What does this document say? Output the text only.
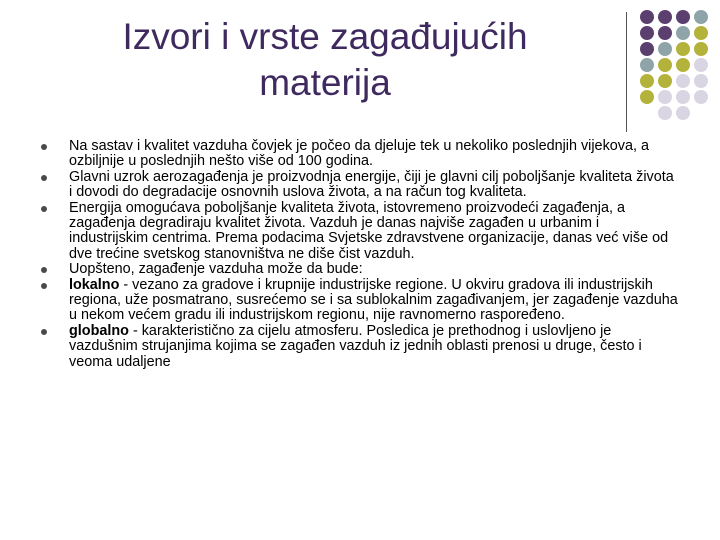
Izvori i vrste zagađujućih materija
Na sastav i kvalitet vazduha čovjek je počeo da djeluje tek u nekoliko poslednjih vijekova, a ozbiljnije u poslednjih nešto više od 100 godina.
Glavni uzrok aerozagađenja je proizvodnja energije, čiji je glavni cilj poboljšanje kvaliteta života i dovodi do degradacije osnovnih uslova života, a na račun tog kvaliteta.
Energija omogućava poboljšanje kvaliteta života, istovremeno proizvodeći zagađenja, a zagađenja degradiraju kvalitet života. Vazduh je danas najviše zagađen u urbanim i industrijskim centrima. Prema podacima Svjetske zdravstvene organizacije, danas već više od dve trećine svetskog stanovništva ne diše čist vazduh.
Uopšteno, zagađenje vazduha može da bude:
lokalno - vezano za gradove i krupnije industrijske regione. U okviru gradova ili industrijskih regiona, uže posmatrano, susrećemo se i sa sublokalnim zagađivanjem, jer zagađenje vazduha u nekom većem gradu ili industrijskom regionu, nije ravnomerno raspoređeno.
globalno - karakteristično za cijelu atmosferu. Posledica je prethodnog i uslovljeno je vazdušnim strujanjima kojima se zagađen vazduh iz jednih oblasti prenosi u druge, često i veoma udaljene
